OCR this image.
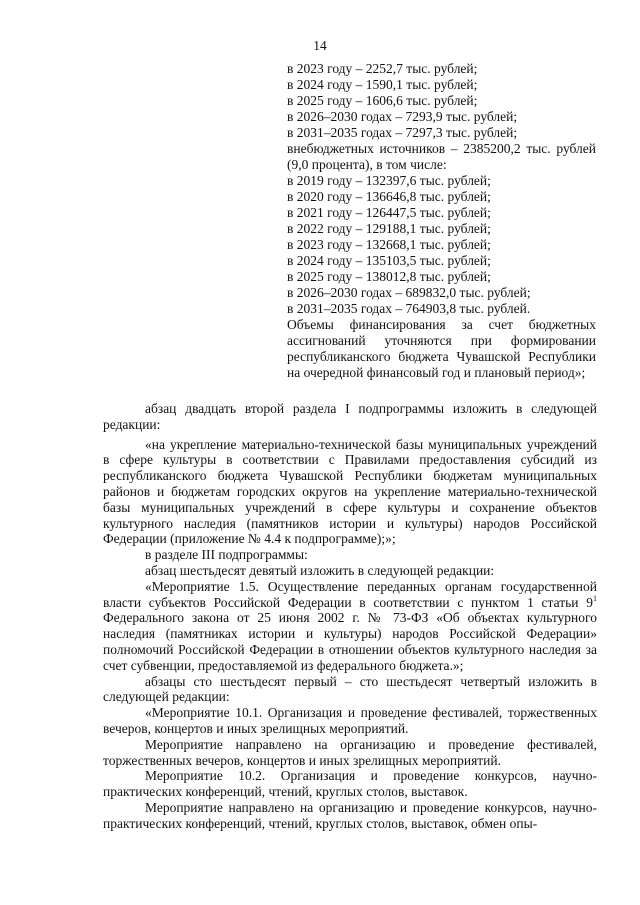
14

в 2023 году – 2252,7 тыс. рублей;

в 2024 году – 1590,1 тыс. рублей;

в 2025 году – 1606,6 тыс. рублей;

в 2026–2030 годах – 7293,9 тыс. рублей;

в 2031–2035 годах – 7297,3 тыс. рублей;

внебюджетных источников – 2385200,2 тыс. рублей (9,0 процента), в том числе:

в 2019 году – 132397,6 тыс. рублей;

в 2020 году – 136646,8 тыс. рублей;

в 2021 году – 126447,5 тыс. рублей;

в 2022 году – 129188,1 тыс. рублей;

в 2023 году – 132668,1 тыс. рублей;

в 2024 году – 135103,5 тыс. рублей;

в 2025 году – 138012,8 тыс. рублей;

в 2026–2030 годах – 689832,0 тыс. рублей;

в 2031–2035 годах – 764903,8 тыс. рублей.

Объемы финансирования за счет бюджетных ассигнований уточняются при формировании республиканского бюджета Чувашской Республики на очередной финансовый год и плановый период»;

абзац двадцать второй раздела I подпрограммы изложить в следующей редакции:

«на укрепление материально-технической базы муниципальных учреждений в сфере культуры в соответствии с Правилами предоставления субсидий из республиканского бюджета Чувашской Республики бюджетам муниципальных районов и бюджетам городских округов на укрепление материально-технической базы муниципальных учреждений в сфере культуры и сохранение объектов культурного наследия (памятников истории и культуры) народов Российской Федерации (приложение № 4.4 к подпрограмме);»;

в разделе III подпрограммы:

абзац шестьдесят девятый изложить в следующей редакции:

«Мероприятие 1.5. Осуществление переданных органам государственной власти субъектов Российской Федерации в соответствии с пунктом 1 статьи $9^1$ Федерального закона от 25 июня 2002 г. № 73-ФЗ «Об объектах культурного наследия (памятниках истории и культуры) народов Российской Федерации» полномочий Российской Федерации в отношении объектов культурного наследия за счет субвенции, предоставляемой из федерального бюджета.»;

абзацы сто шестьдесят первый – сто шестьдесят четвертый изложить в следующей редакции:

«Мероприятие 10.1. Организация и проведение фестивалей, торжественных вечеров, концертов и иных зрелищных мероприятий.

Мероприятие направлено на организацию и проведение фестивалей, торжественных вечеров, концертов и иных зрелищных мероприятий.

Мероприятие 10.2. Организация и проведение конкурсов, научно-практических конференций, чтений, круглых столов, выставок.

Мероприятие направлено на организацию и проведение конкурсов, научно-практических конференций, чтений, круглых столов, выставок, обмен опы-
